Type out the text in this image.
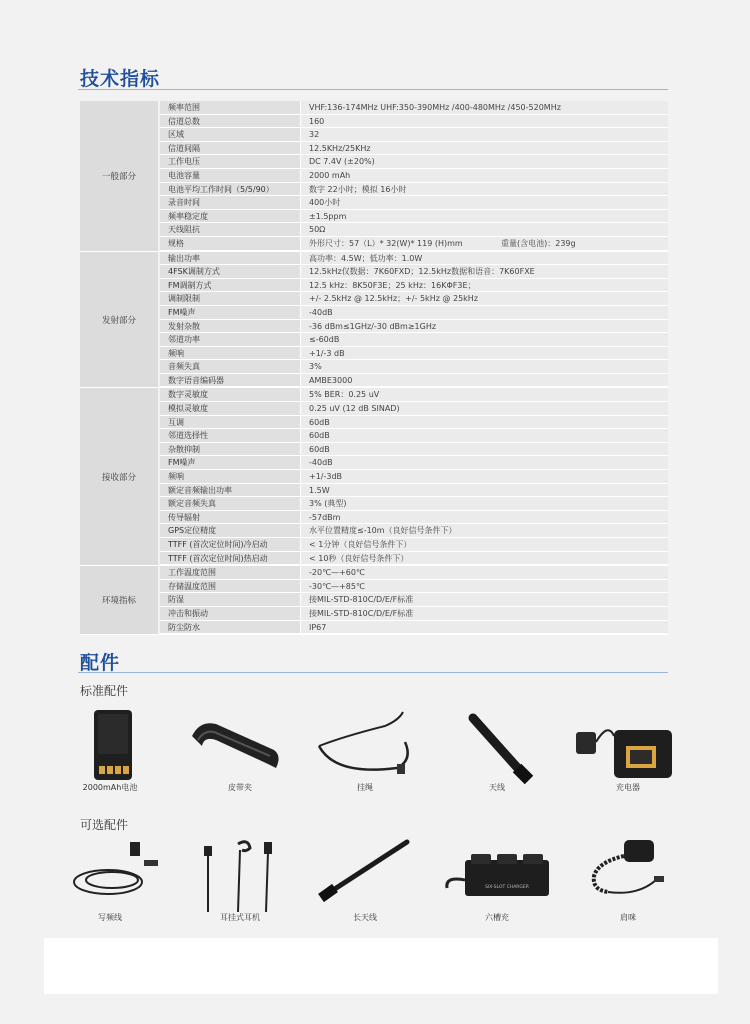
技术指标
一般部分
频率范围	VHF:136-174MHz UHF:350-390MHz /400-480MHz /450-520MHz
信道总数	160
区域	32
信道间隔	12.5KHz/25KHz
工作电压	DC 7.4V (±20%)
电池容量	2000 mAh
电池平均工作时间（5/5/90）	数字 22小时；模拟 16小时
录音时间	400小时
频率稳定度	±1.5ppm
天线阻抗	50Ω
规格	外形尺寸：57（L）* 32(W)* 119 (H)mm	重量(含电池)：239g
发射部分
输出功率	高功率：4.5W；低功率：1.0W
4FSK调制方式	12.5kHz仅数据：7K60FXD；12.5kHz数据和语音：7K60FXE
FM调制方式	12.5 kHz：8K50F3E；25 kHz：16KΦF3E；
调制限制	+/- 2.5kHz @ 12.5kHz；+/- 5kHz @ 25kHz
FM噪声	-40dB
发射杂散	-36 dBm≤1GHz/-30 dBm≥1GHz
邻道功率	≤-60dB
频响	+1/-3 dB
音频失真	3%
数字语音编码器	AMBE3000
接收部分
数字灵敏度	5% BER：0.25 uV
模拟灵敏度	0.25 uV (12 dB SINAD)
互调	60dB
邻道选择性	60dB
杂散抑制	60dB
FM噪声	-40dB
频响	+1/-3dB
额定音频输出功率	1.5W
额定音频失真	3% (典型)
传导辐射	-57dBm
GPS定位精度	水平位置精度≤-10m（良好信号条件下）
TTFF (首次定位时间)冷启动	< 1分钟（良好信号条件下）
TTFF (首次定位时间)热启动	< 10秒（良好信号条件下）
环境指标
工作温度范围	-20℃—+60℃
存储温度范围	-30℃—+85℃
防湿	接MIL-STD-810C/D/E/F标准
冲击和振动	接MIL-STD-810C/D/E/F标准
防尘防水	IP67
配件
标准配件
2000mAh电池	皮带夹	挂绳	天线	充电器
可选配件
写频线	耳挂式耳机	长天线
SIX-SLOT CHARGER
六槽充	肩咪
